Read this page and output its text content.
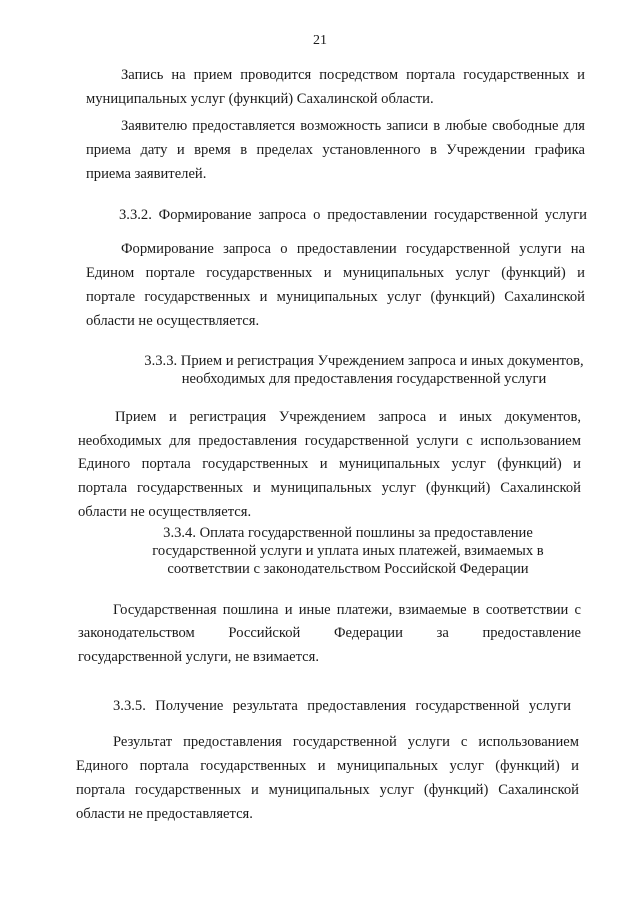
21
Запись на прием проводится посредством портала государственных и
муниципальных услуг (функций) Сахалинской области.
Заявителю предоставляется возможность записи в любые свободные для
приема дату и время в пределах установленного в Учреждении графика
приема заявителей.
3.3.2. Формирование запроса о предоставлении государственной услуги
Формирование запроса о предоставлении государственной услуги на
Едином портале государственных и муниципальных услуг (функций) и
портале государственных и муниципальных услуг (функций) Сахалинской
области не осуществляется.
3.3.3. Прием и регистрация Учреждением запроса и иных документов,
необходимых для предоставления государственной услуги
Прием и регистрация Учреждением запроса и иных документов,
необходимых для предоставления государственной услуги с использованием
Единого портала государственных и муниципальных услуг (функций) и
портала государственных и муниципальных услуг (функций) Сахалинской
области не осуществляется.
3.3.4. Оплата государственной пошлины за предоставление
государственной услуги и уплата иных платежей, взимаемых в
соответствии с законодательством Российской Федерации
Государственная пошлина и иные платежи, взимаемые в соответствии с
законодательством Российской Федерации за предоставление
государственной услуги, не взимается.
3.3.5. Получение результата предоставления государственной услуги
Результат предоставления государственной услуги с использованием
Единого портала государственных и муниципальных услуг (функций) и
портала государственных и муниципальных услуг (функций) Сахалинской
области не предоставляется.
